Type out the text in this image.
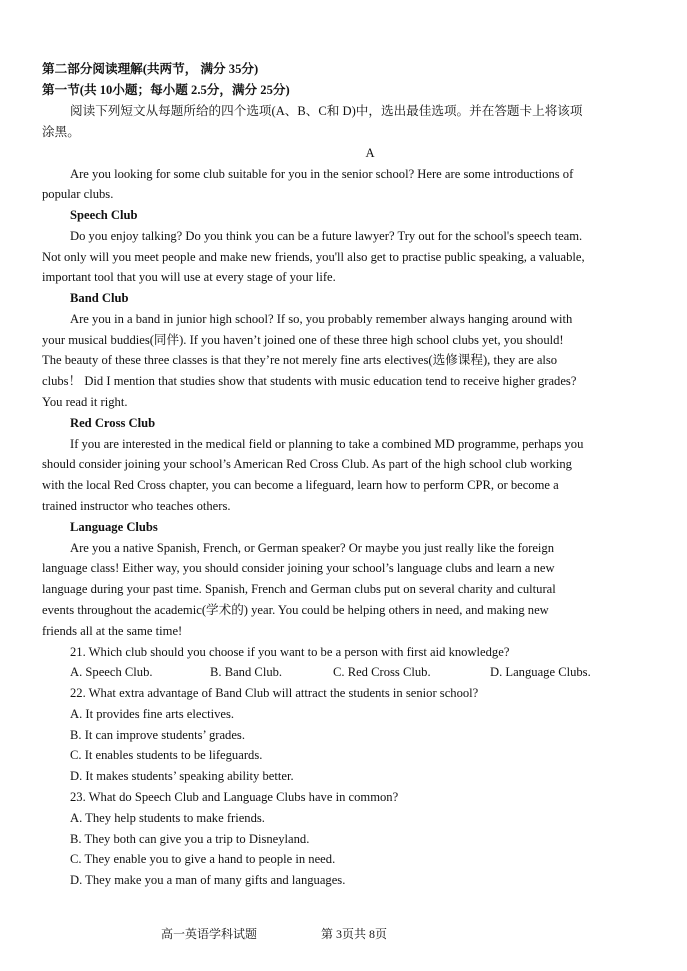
第二部分阅读理解(共两节， 满分 35分)
第一节(共 10小题；每小题 2.5分，满分 25分)
阅读下列短文从每题所给的四个选项(A、B、C和 D)中，选出最佳选项。并在答题卡上将该项
涂黑。
A
Are you looking for some club suitable for you in the senior school? Here are some introductions of
popular clubs.
Speech Club
Do you enjoy talking? Do you think you can be a future lawyer? Try out for the school's speech team.
Not only will you meet people and make new friends, you'll also get to practise public speaking, a valuable,
important tool that you will use at every stage of your life.
Band Club
Are you in a band in junior high school? If so, you probably remember always hanging around with
your musical buddies(同伴). If you haven’t joined one of these three high school clubs yet, you should!
The beauty of these three classes is that they’re not merely fine arts electives(选修课程), they are also
clubs！ Did I mention that studies show that students with music education tend to receive higher grades?
You read it right.
Red Cross Club
If you are interested in the medical field or planning to take a combined MD programme, perhaps you
should consider joining your school’s American Red Cross Club. As part of the high school club working
with the local Red Cross chapter, you can become a lifeguard, learn how to perform CPR, or become a
trained instructor who teaches others.
Language Clubs
Are you a native Spanish, French, or German speaker? Or maybe you just really like the foreign
language class! Either way, you should consider joining your school’s language clubs and learn a new
language during your past time. Spanish, French and German clubs put on several charity and cultural
events throughout the academic(学术的) year. You could be helping others in need, and making new
friends all at the same time!
21. Which club should you choose if you want to be a person with first aid knowledge?
A. Speech Club.	B. Band Club.	C. Red Cross Club.	D. Language Clubs.
22. What extra advantage of Band Club will attract the students in senior school?
A. It provides fine arts electives.
B. It can improve students’ grades.
C. It enables students to be lifeguards.
D. It makes students’ speaking ability better.
23. What do Speech Club and Language Clubs have in common?
A. They help students to make friends.
B. They both can give you a trip to Disneyland.
C. They enable you to give a hand to people in need.
D. They make you a man of many gifts and languages.
高一英语学科试题	第 3页共 8页
